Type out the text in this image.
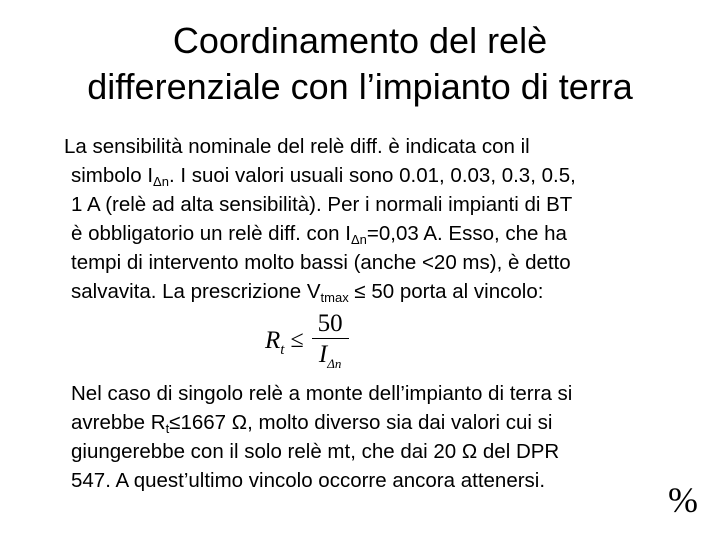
Coordinamento del relè
differenziale con l’impianto di terra
La sensibilità nominale del relè diff. è indicata con il
simbolo $I_{\Delta n}$. I suoi valori usuali sono 0.01, 0.03, 0.3, 0.5,
1 A (relè ad alta sensibilità). Per i normali impianti di BT
è obbligatorio un relè diff. con $I_{\Delta n}=0,03$ A. Esso, che ha
tempi di intervento molto bassi (anche <20 ms), è detto
salvavita. La prescrizione $V_{tmax} \le 50$ porta al vincolo:
$R_t \le \frac{50}{I_{\Delta n}}$
Nel caso di singolo relè a monte dell’impianto di terra si
avrebbe $R_t\le 1667$ Ω, molto diverso sia dai valori cui si
giungerebbe con il solo relè mt, che dai 20 Ω del DPR
547. A quest’ultimo vincolo occorre ancora attenersi.	%
